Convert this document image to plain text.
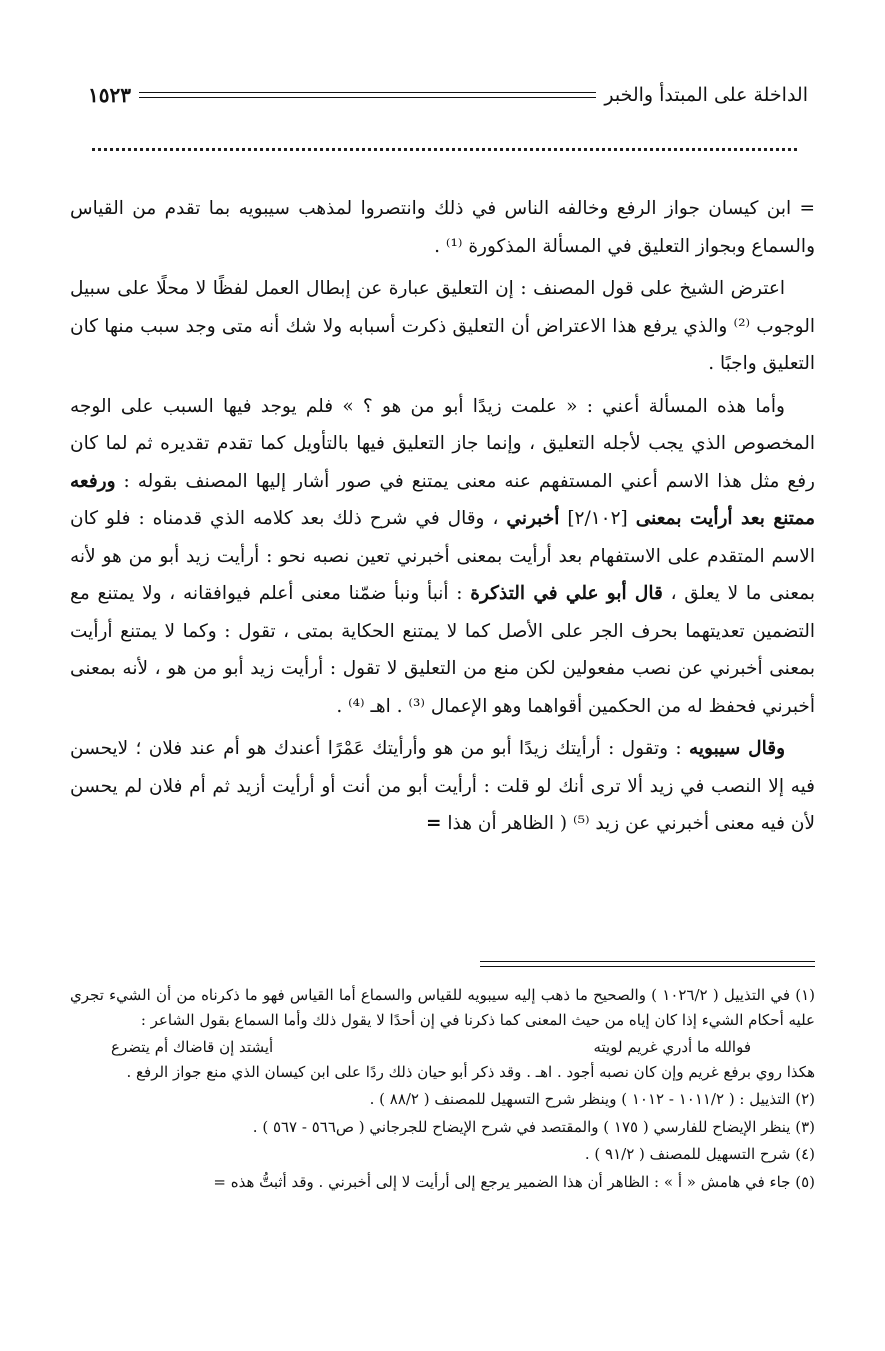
الداخلة على المبتدأ والخبر
١٥٢٣

= ابن كيسان جواز الرفع وخالفه الناس في ذلك وانتصروا لمذهب سيبويه بما تقدم من القياس والسماع وبجواز التعليق في المسألة المذكورة ⁽¹⁾ .

اعترض الشيخ على قول المصنف : إن التعليق عبارة عن إبطال العمل لفظًا لا محلًا على سبيل الوجوب ⁽²⁾ والذي يرفع هذا الاعتراض أن التعليق ذكرت أسبابه ولا شك أنه متى وجد سبب منها كان التعليق واجبًا .

وأما هذه المسألة أعني : « علمت زيدًا أبو من هو ؟ » فلم يوجد فيها السبب على الوجه المخصوص الذي يجب لأجله التعليق ، وإنما جاز التعليق فيها بالتأويل كما تقدم تقديره ثم لما كان رفع مثل هذا الاسم أعني المستفهم عنه معنى يمتنع في صور أشار إليها المصنف بقوله : ورفعه ممتنع بعد أرأيت بمعنى [٢/١٠٢] أخبرني ، وقال في شرح ذلك بعد كلامه الذي قدمناه : فلو كان الاسم المتقدم على الاستفهام بعد أرأيت بمعنى أخبرني تعين نصبه نحو : أرأيت زيد أبو من هو لأنه بمعنى ما لا يعلق ، قال أبو علي في التذكرة : أنبأ ونبأ ضمّنا معنى أعلم فيوافقانه ، ولا يمتنع مع التضمين تعديتهما بحرف الجر على الأصل كما لا يمتنع الحكاية بمتى ، تقول : وكما لا يمتنع أرأيت بمعنى أخبرني عن نصب مفعولين لكن منع من التعليق لا تقول : أرأيت زيد أبو من هو ، لأنه بمعنى أخبرني فحفظ له من الحكمين أقواهما وهو الإعمال ⁽³⁾ . اهـ ⁽⁴⁾ .

وقال سيبويه : وتقول : أرأيتك زيدًا أبو من هو وأرأيتك عَمْرًا أعندك هو أم عند فلان ؛ لايحسن فيه إلا النصب في زيد ألا ترى أنك لو قلت : أرأيت أبو من أنت أو أرأيت أزيد ثم أم فلان لم يحسن لأن فيه معنى أخبرني عن زيد ⁽⁵⁾ ( الظاهر أن هذا =

(١) في التذييل ( ١٠٢٦/٢ ) والصحيح ما ذهب إليه سيبويه للقياس والسماع أما القياس فهو ما ذكرناه من أن الشيء تجري عليه أحكام الشيء إذا كان إياه من حيث المعنى كما ذكرنا في إن أحدًا لا يقول ذلك وأما السماع بقول الشاعر :

فوالله ما أدري غريم لويته
أيشتد إن قاضاك أم يتضرع

هكذا روي برفع غريم وإن كان نصبه أجود . اهـ . وقد ذكر أبو حيان ذلك ردًا على ابن كيسان الذي منع جواز الرفع .

(٢) التذييل : ( ١٠١١/٢ - ١٠١٢ ) وينظر شرح التسهيل للمصنف ( ٨٨/٢ ) .

(٣) ينظر الإيضاح للفارسي ( ١٧٥ ) والمقتصد في شرح الإيضاح للجرجاني ( ص٥٦٦ - ٥٦٧ ) .

(٤) شرح التسهيل للمصنف ( ٩١/٢ ) .

(٥) جاء في هامش « أ » : الظاهر أن هذا الضمير يرجع إلى أرأيت لا إلى أخبرني . وقد أثبتُّ هذه =
